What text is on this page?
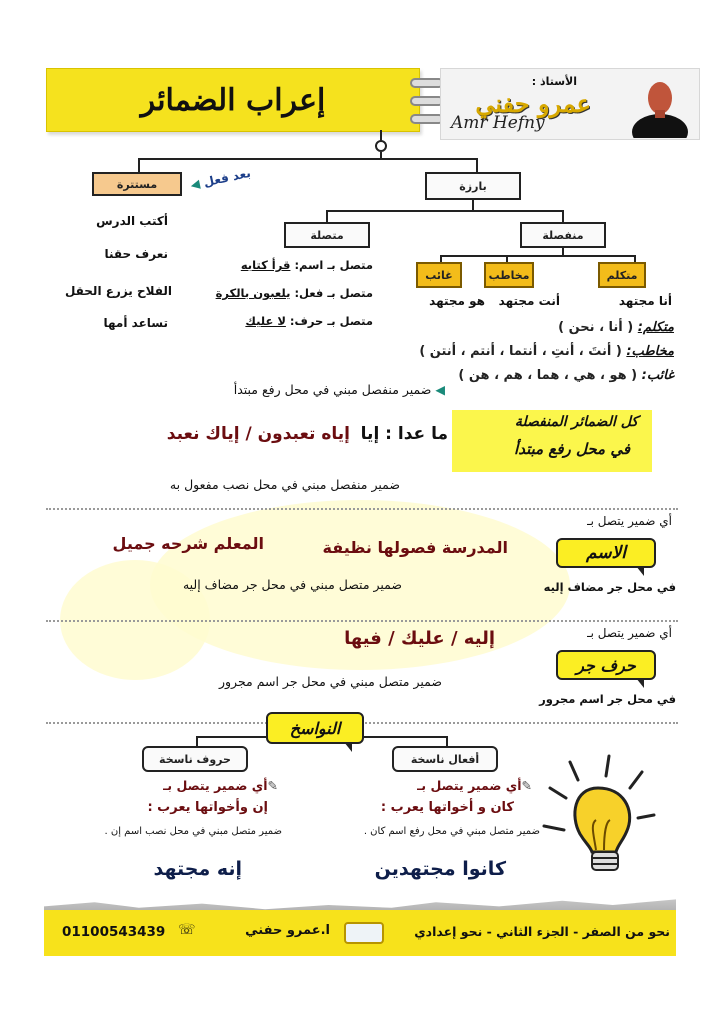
إعراب الضمائر
الأستاذ :
عمرو حفني
Amr Hefny
مستترة	بعد فعل ◀	بارزة
أكتب الدرس
نعرف حقنا
الفلاح يزرع الحقل
تساعد أمها
متصلة	منفصلة
متصل بـ اسم: قرأ كتابه
متصل بـ فعل: يلعبون بالكرة
متصل بـ حرف: لا عليك
متكلم
مخاطب
غائب
أنا مجتهد
أنت مجتهد
هو مجتهد
متكلم: ( أنا ، نحن )
مخاطب: ( أنتَ ، أنتِ ، أنتما ، أنتم ، أنتن )
غائب: ( هو ، هي ، هما ، هم ، هن )
◀ ضمير منفصل مبني في محل رفع مبتدأ
كل الضمائر المنفصلة
في محل رفع مبتدأ
ما عدا : إيا
إياه تعبدون / إياك نعبد
ضمير منفصل مبني في محل نصب مفعول به
أي ضمير يتصل بـ
الاسم
في محل جر مضاف إليه
المدرسة فصولها نظيفة
المعلم شرحه جميل
ضمير متصل مبني في محل جر مضاف إليه
أي ضمير يتصل بـ
حرف جر
في محل جر اسم مجرور
إليه / عليك / فيها
ضمير متصل مبني في محل جر اسم مجرور
النواسخ
أفعال ناسخة
حروف ناسخة
✎أي ضمير يتصل بـ
كان و أخواتها يعرب :
ضمير متصل مبني في محل رفع اسم كان .
كانوا مجتهدين
✎أي ضمير يتصل بـ
إن وأخواتها يعرب :
ضمير متصل مبني في محل نصب اسم إن .
إنه مجتهد
نحو من الصفر - الجزء الثاني - نحو إعدادي
ا.عمرو حفني
☏
01100543439
